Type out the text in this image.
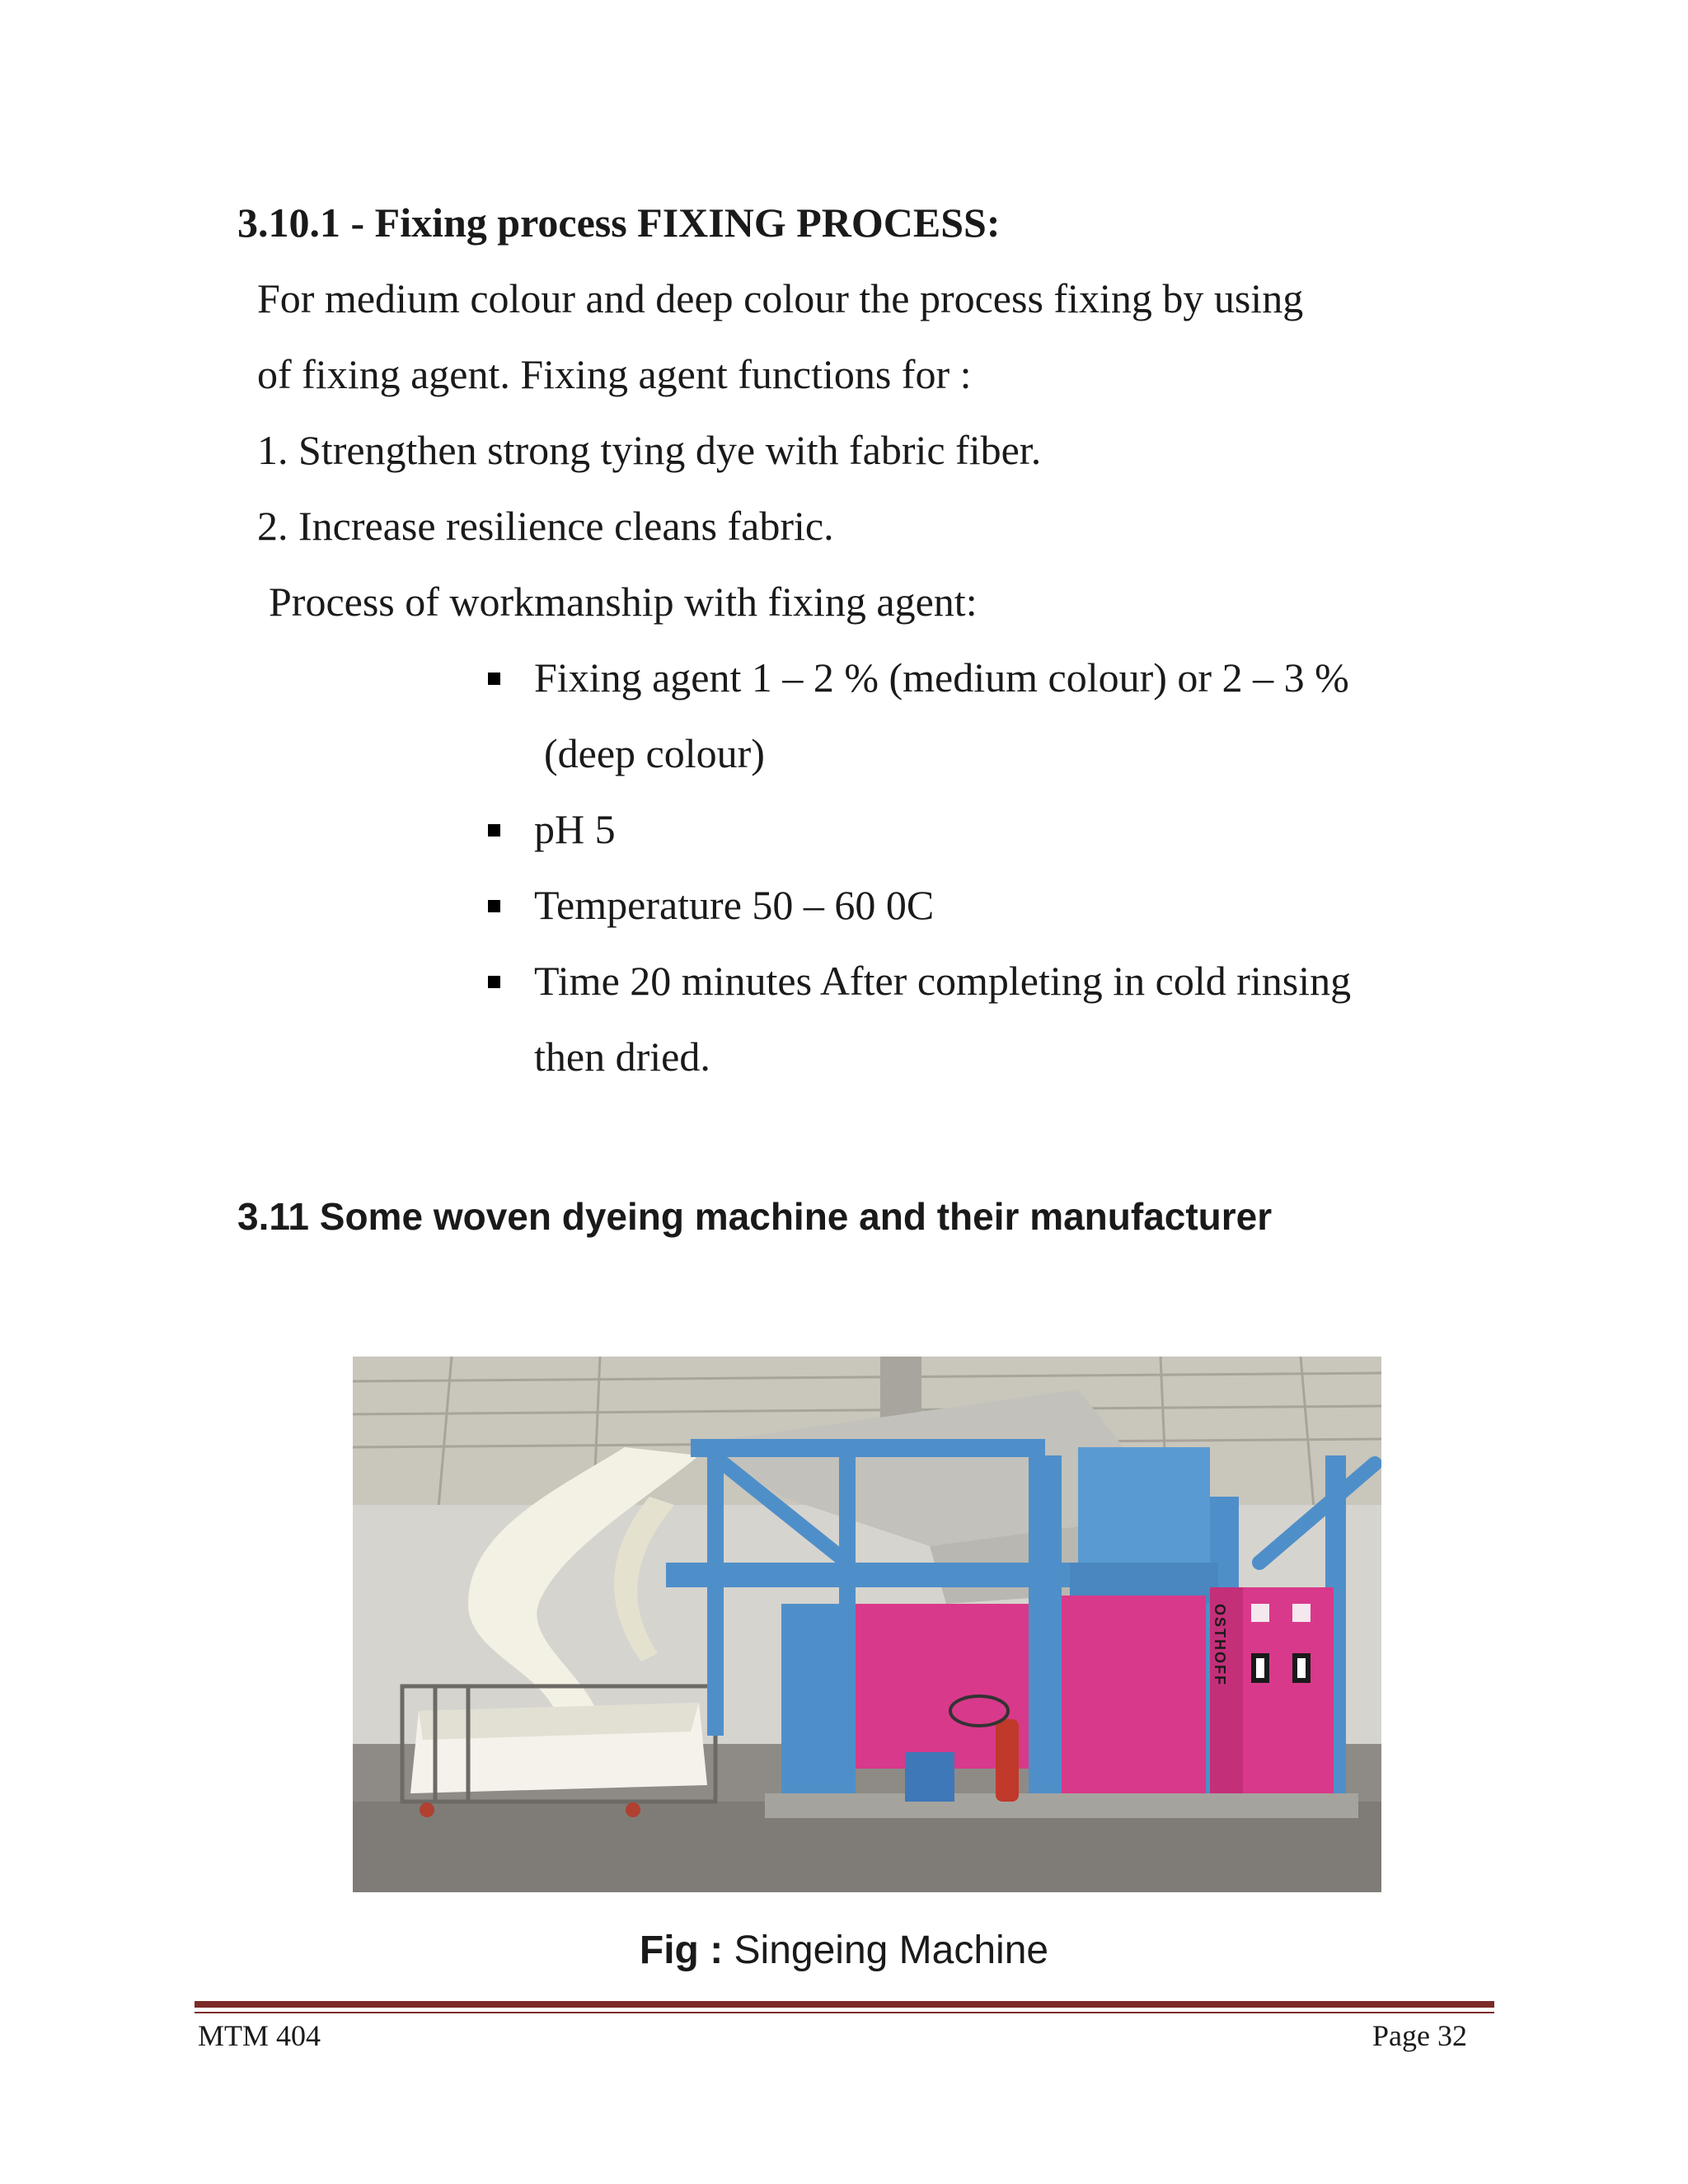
3.10.1 - Fixing process FIXING PROCESS:

For medium colour and deep colour the process fixing by using

of fixing agent. Fixing agent functions for :

1. Strengthen strong tying dye with fabric fiber.

2. Increase resilience cleans fabric.

Process of workmanship with fixing agent:

Fixing agent 1 – 2 % (medium colour) or 2 – 3 %

(deep colour)

pH 5

Temperature 50 – 60 0C

Time 20 minutes After completing in cold rinsing

then dried.

3.11 Some woven dyeing machine and their manufacturer
OSTHOFF
Fig : Singeing Machine
MTM 404	Page 32
